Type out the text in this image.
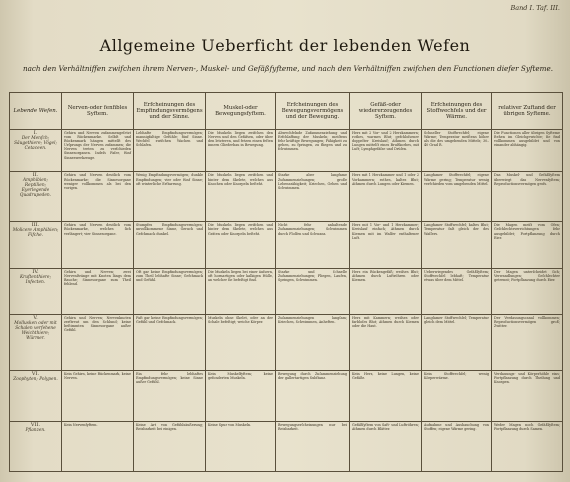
Band I. Taf. III.
Allgemeine Ueberficht der lebenden Wefen
nach den Verhältniffen zwifchen ihrem Nerven-, Muskel- und Gefäßfyfteme, und nach den Verhältniffen zwifchen den Functionen diefer Syfteme.
Lebende Wefen.	Nerven-oder fenfibles Syftem.	Erfcheinungen des Empfindungsvermögens und der Sinne.	Muskel-oder Bewegungsfyftem.	Erfcheinungen des Bewegungsvermögens und der Bewegung.	Gefäß-oder wiedererzeugendes Syftem.	Erfcheinungen des Stoffwechfels und der Wärme.	relativer Zuftand der übrigen Syfteme.

I.
Der Menfch; Säugethiere; Vögel; Cetaceen.	Gehirn und Nerven zufammengeſetzt vom Rückenmarke. Selbſt und Rückenmark hängen mittelſt des Urſprungs der Nerven zufammen; die Nerven treten zu verſchieden Sinnesorganen. Indeſs Faſer, fünf Sinneswerkzeuge.	Lebhafte Empfindungsvermögen; mannigfaltige Gefühle; fünf Sinne. Wechfel zwifchen Wachen und Schlafen.	Die Muskeln liegen zwifchen den Nerven und den Gefäfsen, oder über den letzteren, und fetzen einen feſten innern Gliederbau in Bewegung.	Abwechfelnde Zufammenziehung und Erfchlaffung der Muskeln; meiſtens fehr kräftige Bewegungen; Fähigkeit zu gehen, zu fpringen, zu fliegen und zu fchwimmen.	Herz mit 2 Vor- und 2 Herzkammern; rothes, warmes Blut; gefchloſsener doppelter Kreislauf; Athmen durch Lungen mittelſt eines Bruſtkorbes, mit Luft; Lymphgefäſse und Drüſen.	Schneller Stoffwechfel; eigene Wärme; Temperatur meiſtens höher als die des umgebenden Mittels; 30–40 Grad R.	Die Functionen aller übrigen Syfteme ſtehen im Gleichgewichte; ſie find vollkommen ausgebildet und von einander abhängig.

II.
Amphibien; Reptilien; Eyerlegende Quadrupeden.	Gehirn und Nerven deutlich vom Rückenmarke; die Sinnesorgane weniger vollkommen als bei den vorigen.	Wenig Empfindungsvermögen; dunkle Empfindungen; vier oder fünf Sinne; oft winterliche Erſtarrung.	Die Muskeln liegen zwifchen und hinter dem Skelete, welches aus Knochen oder Knorpeln beſteht.	Starke aber langfame Zufammenziehungen; große Lebenszähigkeit; Kriechen, Gehen und Schwimmen.	Herz mit 1 Herzkammer und 1 oder 2 Vorkammern; rothes, kaltes Blut; Athmen durch Lungen oder Kiemen.	Langfamer Stoffwechfel; eigene Wärme gering; Temperatur wenig verfchieden vom umgebenden Mittel.	Das Muskel- und Gefäßſyſtem überwiegt das Nervenſyſtem; Reproductionsvermögen grofs.

III.
Molicere Amphibien; Fifche.	Gehirn und Nerven deutlich vom Rückenmarke, welches ſich verlängert; vier Sinnesorgane.	Stumpfes Empfindungsvermögen; unvollkommene Sinne, Geruch und Gefchmack dunkel.	Die Muskeln liegen zwifchen und hinter dem Skelete, welches aus Gräten oder Knorpeln beſteht.	Nicht fehr anhaltende Zufammenziehungen; Schwimmen durch Floſſen und Schwanz.	Herz mit 1 Vor- und 1 Herzkammer; Kreislauf einfach; Athmen durch Kiemen mit im Waſſer enthaltener Luft.	Langfamer Stoffwechfel; kaltes Blut; Temperatur faſt gleich der des Waſſers.	Die Magen meiſt vom Ofen; Geſchlechtsverrichtungen ſehr ausgebildet; Fortpflanzung durch Eier.

IV.
Kruftenthiere; Infecten.	Gehirn und Nerven; zwei Nervenſtränge mit Knoten längs dem Bauche; Sinnesorgane zum Theil fehlend.	Oft gar keine Empfindungsvermögen; zum Theil lebhafte Sinne; Gefchmack und Gefühl.	Die Muskeln liegen bei einer äuſsern, oft hornartigen oder kalkigen Hülle, an welcher ſie befeſtigt find.	Starke und ſchnelle Zufammenziehungen; Fliegen, Laufen, Springen, Schwimmen.	Herz ein Rückengefäß; weiſses Blut; Athmen durch Luftröhren oder Kiemen.	Ueberwiegendes Gefäßſyſtem; Stoffwechſel lebhaft; Temperatur etwas über dem Mittel.	Der Magen unterſcheidet ſich; Verwandlungen; Geſchlechter getrennt; Fortpflanzung durch Eier.

V.
Mollusken oder mit Schalen verfehene Weichthiere; Würmer.	Gehirn und Nerven; Nervenknoten zerſtreut um den Schlund; keine beſtimmten Sinnesorgane außer Gefühl.	Faſt gar keine Empfindungsvermögen; Gefühl und Gefchmack.	Muskeln ohne Skelet, oder an der Schale befeſtigt; weiche Körper.	Zuſammenziehungen langſam; Kriechen, Schwimmen, Anheften.	Herz mit Kammern; weiſses oder farbloſes Blut; Athmen durch Kiemen oder die Haut.	Langſamer Stoffwechſel; Temperatur gleich dem Mittel.	Der Verdauungscanal vollkommen; Reproductionsvermögen groß; Zwitter.

VI.
Zoophyten; Polypen.	Kein Gehirn, keine Rückenmark, keine Nerven.	Ein fehr lebhaftes Empfindungsvermögen; keine Sinne außer Gefühl.	Kein Muskelfyftem; keine gefonderten Muskeln.	Bewegung durch Zuſammenziehung der gallertartigen Subſtanz.	Kein Herz, keine Lungen, keine Gefäße.	Kein Stoffwechſel; wenig Körperwärme.	Verdauungs- und Körperhöhle eins; Fortpflanzung durch Theilung und Knospen.

VII.
Pflanzen.	Kein Nervenfyftem.	Keine Art von Gefühlsäußerung; Reizbarkeit bei einigen.	Keine Spur von Muskeln.	Bewegungserſcheinungen nur bei Reizbarkeit.	Gefäßſyſtem von Saft- und Luftröhren; Athmen durch Blätter.	Aufnahme und Aushauchung von Stoffen; eigene Wärme gering.	Weder Magen noch Gefäßſyſtem; Fortpflanzung durch Samen.
